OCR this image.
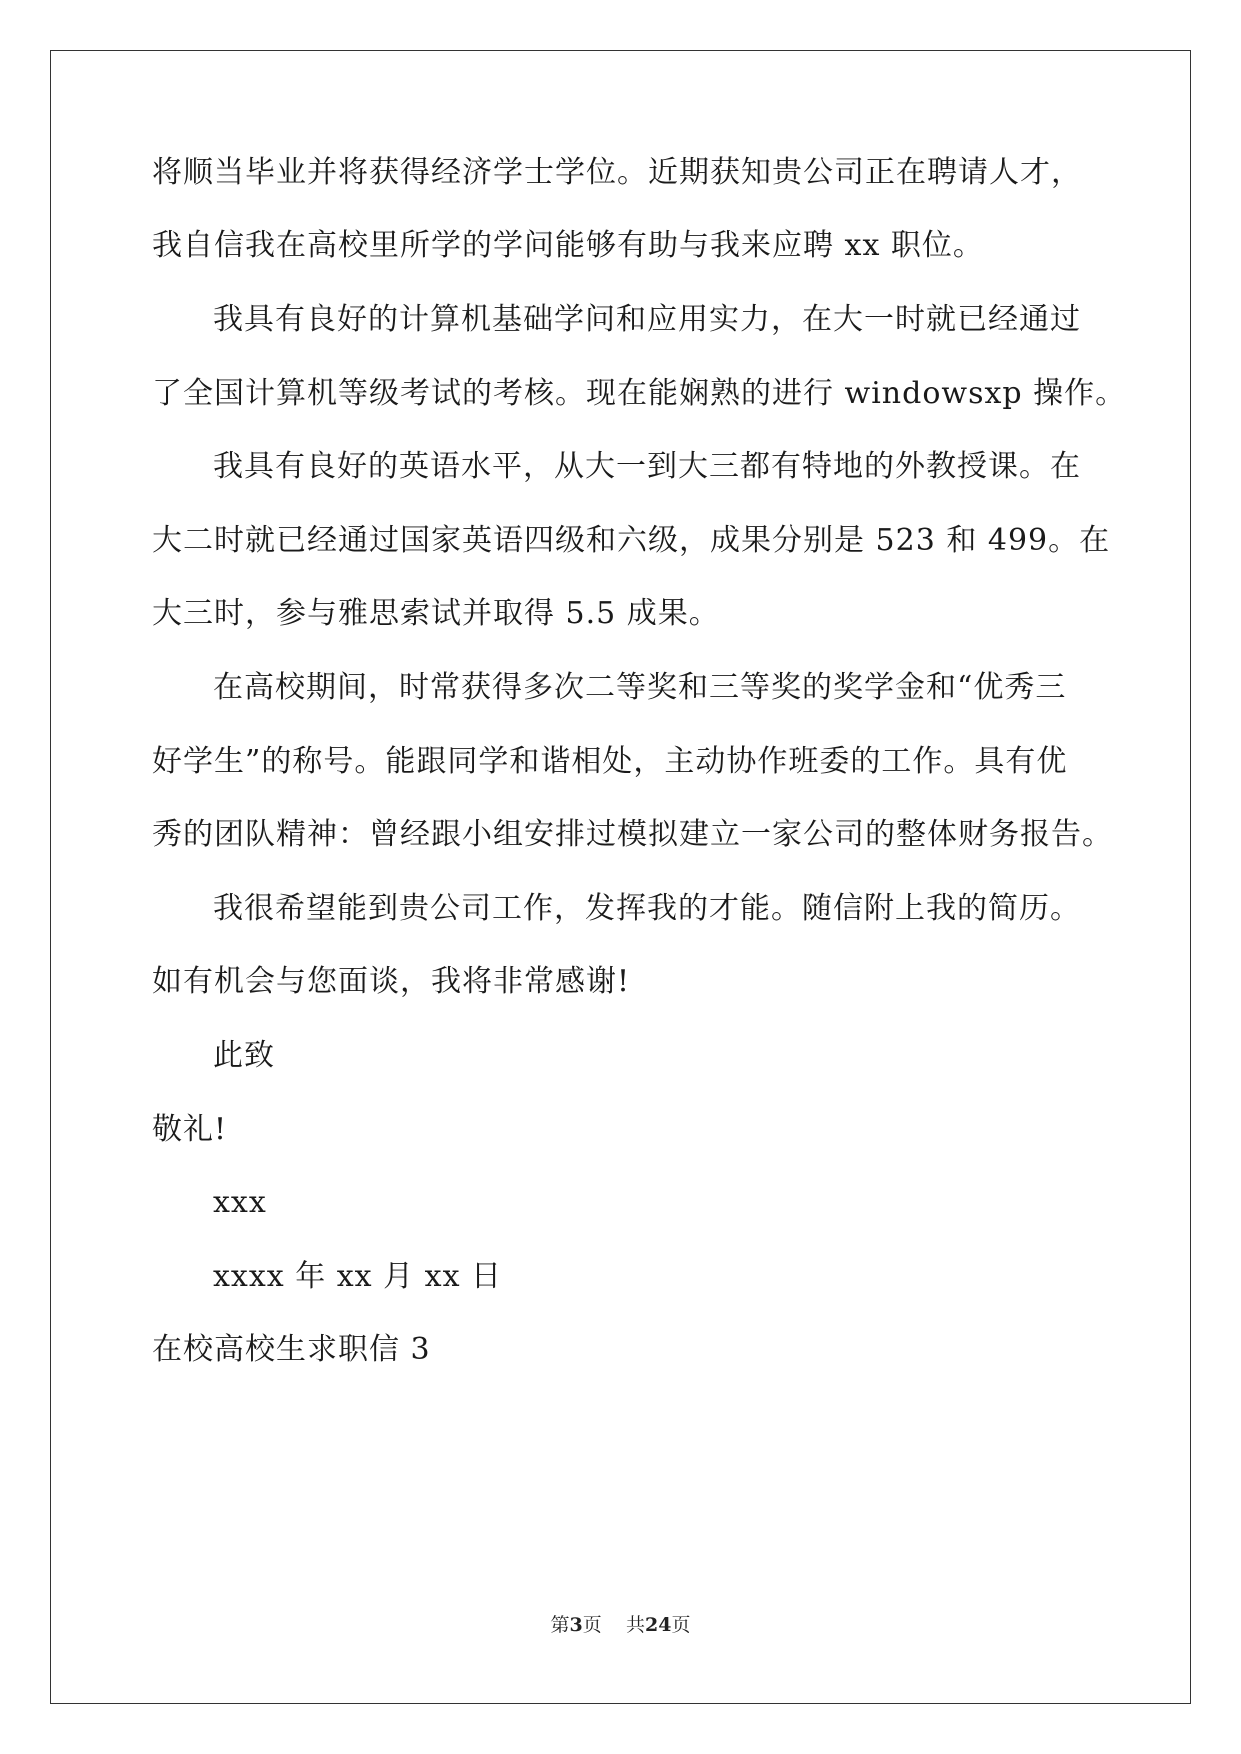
将顺当毕业并将获得经济学士学位。近期获知贵公司正在聘请人才，
我自信我在高校里所学的学问能够有助与我来应聘 xx 职位。
我具有良好的计算机基础学问和应用实力，在大一时就已经通过
了全国计算机等级考试的考核。现在能娴熟的进行 windowsxp 操作。
我具有良好的英语水平，从大一到大三都有特地的外教授课。在
大二时就已经通过国家英语四级和六级，成果分别是 523 和 499。在
大三时，参与雅思索试并取得 5.5 成果。
在高校期间，时常获得多次二等奖和三等奖的奖学金和“优秀三
好学生”的称号。能跟同学和谐相处，主动协作班委的工作。具有优
秀的团队精神：曾经跟小组安排过模拟建立一家公司的整体财务报告。
我很希望能到贵公司工作，发挥我的才能。随信附上我的简历。
如有机会与您面谈，我将非常感谢!
此致
敬礼!
xxx
xxxx 年 xx 月 xx 日
在校高校生求职信 3
第3页 共24页
